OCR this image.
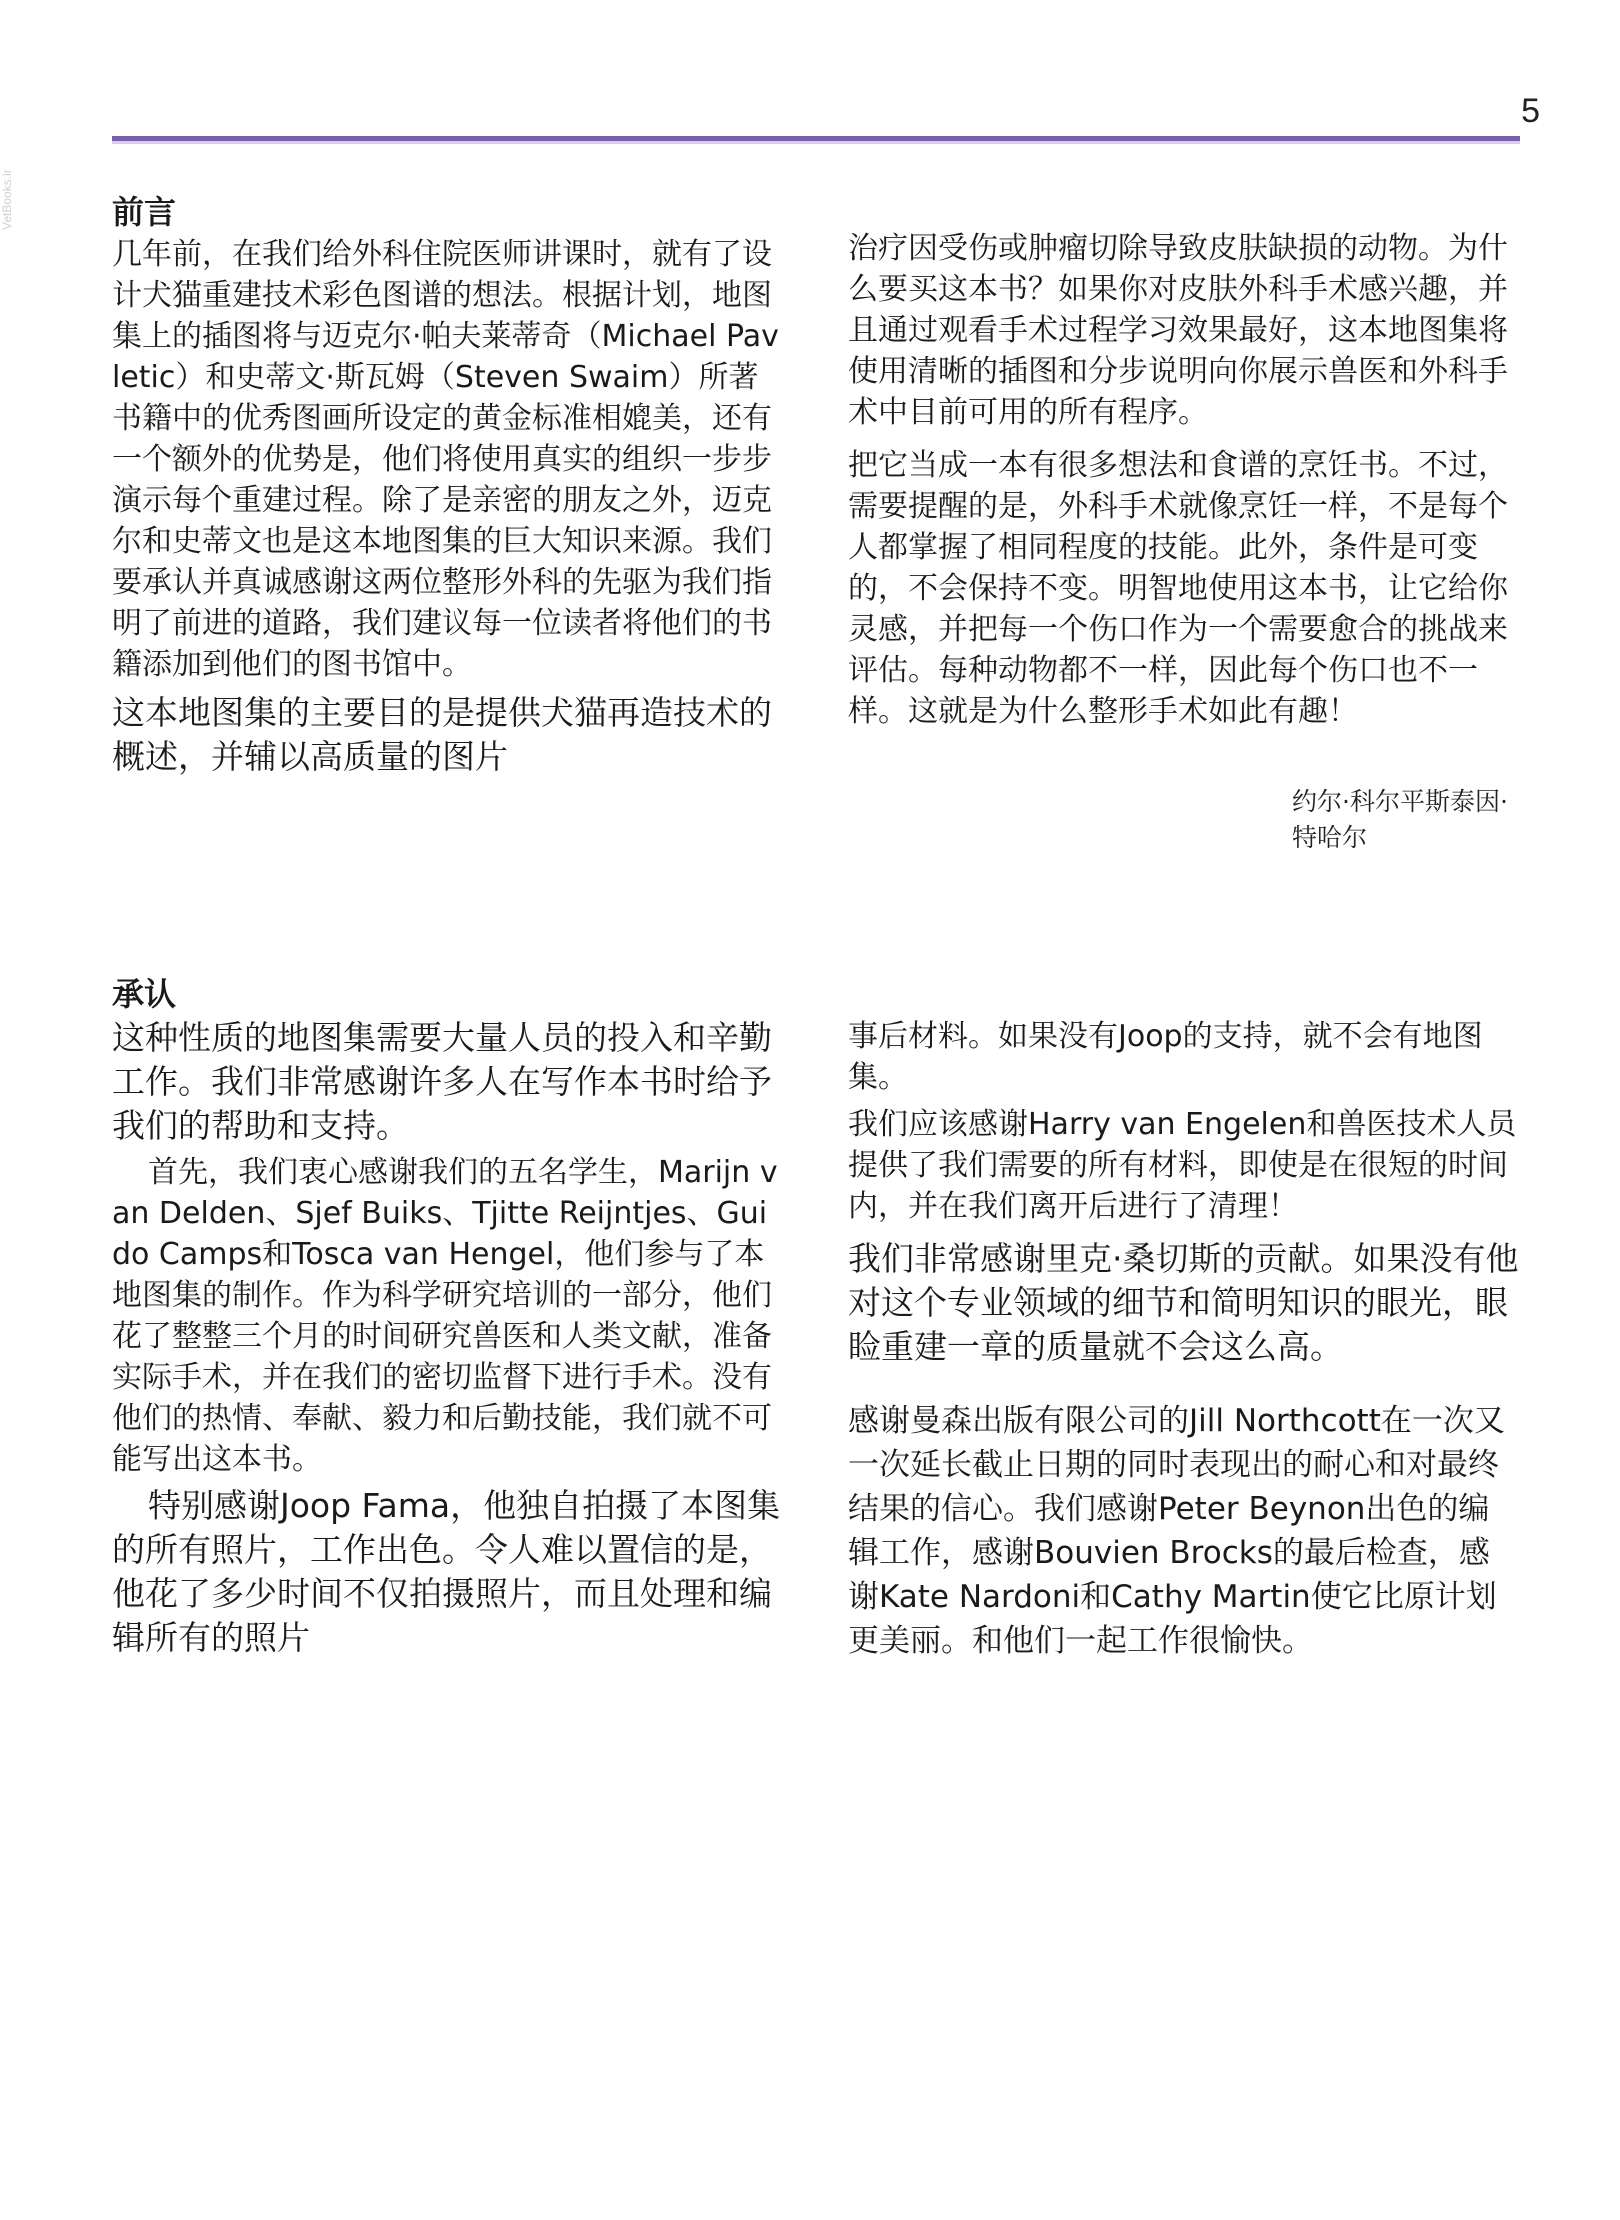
5
VetBooks.ir	前言

几年前，在我们给外科住院医师讲课时，就有了设计犬猫重建技术彩色图谱的想法。根据计划，地图集上的插图将与迈克尔·帕夫莱蒂奇（Michael Pavletic）和史蒂文·斯瓦姆（Steven Swaim）所著书籍中的优秀图画所设定的黄金标准相媲美，还有一个额外的优势是，他们将使用真实的组织一步步演示每个重建过程。除了是亲密的朋友之外，迈克尔和史蒂文也是这本地图集的巨大知识来源。我们要承认并真诚感谢这两位整形外科的先驱为我们指明了前进的道路，我们建议每一位读者将他们的书籍添加到他们的图书馆中。

这本地图集的主要目的是提供犬猫再造技术的概述，并辅以高质量的图片

治疗因受伤或肿瘤切除导致皮肤缺损的动物。为什么要买这本书？如果你对皮肤外科手术感兴趣，并且通过观看手术过程学习效果最好，这本地图集将使用清晰的插图和分步说明向你展示兽医和外科手术中目前可用的所有程序。

把它当成一本有很多想法和食谱的烹饪书。不过，需要提醒的是，外科手术就像烹饪一样，不是每个人都掌握了相同程度的技能。此外，条件是可变的，不会保持不变。明智地使用这本书，让它给你灵感，并把每一个伤口作为一个需要愈合的挑战来评估。每种动物都不一样，因此每个伤口也不一样。这就是为什么整形手术如此有趣！

约尔·科尔平斯泰因·特哈尔
承认

这种性质的地图集需要大量人员的投入和辛勤工作。我们非常感谢许多人在写作本书时给予我们的帮助和支持。

首先，我们衷心感谢我们的五名学生，Marijn van Delden、Sjef Buiks、Tjitte Reijntjes、Guido Camps和Tosca van Hengel，他们参与了本地图集的制作。作为科学研究培训的一部分，他们花了整整三个月的时间研究兽医和人类文献，准备实际手术，并在我们的密切监督下进行手术。没有他们的热情、奉献、毅力和后勤技能，我们就不可能写出这本书。

特别感谢Joop Fama，他独自拍摄了本图集的所有照片，工作出色。令人难以置信的是，他花了多少时间不仅拍摄照片，而且处理和编辑所有的照片

事后材料。如果没有Joop的支持，就不会有地图集。

我们应该感谢Harry van Engelen和兽医技术人员提供了我们需要的所有材料，即使是在很短的时间内，并在我们离开后进行了清理！

我们非常感谢里克·桑切斯的贡献。如果没有他对这个专业领域的细节和简明知识的眼光，眼睑重建一章的质量就不会这么高。

感谢曼森出版有限公司的Jill Northcott在一次又一次延长截止日期的同时表现出的耐心和对最终结果的信心。我们感谢Peter Beynon出色的编辑工作，感谢Bouvien Brocks的最后检查，感谢Kate Nardoni和Cathy Martin使它比原计划更美丽。和他们一起工作很愉快。
